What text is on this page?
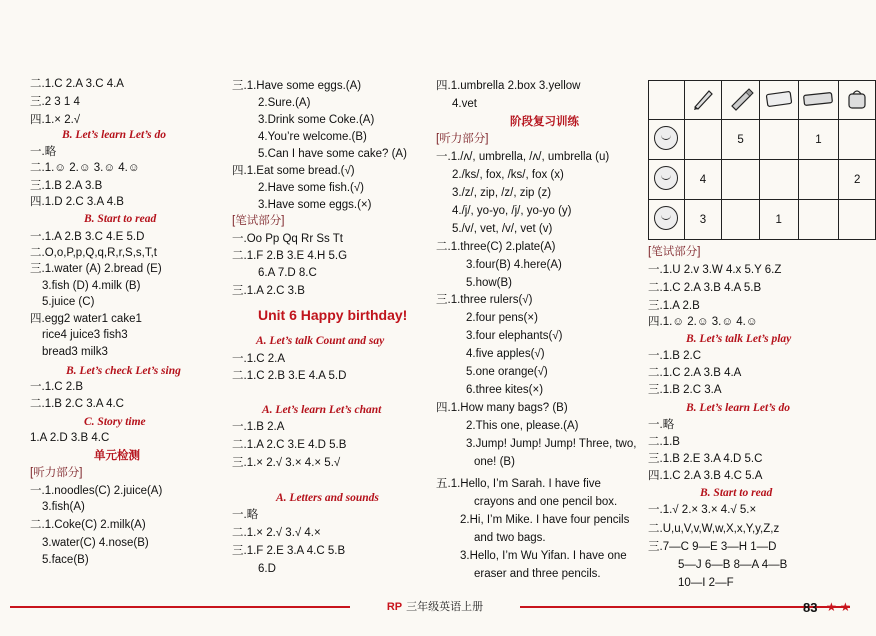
二.1.C 2.A 3.C 4.A
三.2 3 1 4
四.1.× 2.√
B. Let’s learn Let’s do
一.略
二.1.☺ 2.☺ 3.☺ 4.☺
三.1.B 2.A 3.B
四.1.D 2.C 3.A 4.B
B. Start to read
一.1.A 2.B 3.C 4.E 5.D
二.O,o,P,p,Q,q,R,r,S,s,T,t
三.1.water (A) 2.bread (E)
3.fish (D) 4.milk (B)
5.juice (C)
四.egg2 water1 cake1
rice4 juice3 fish3
bread3 milk3
B. Let’s check Let’s sing
一.1.C 2.B
二.1.B 2.C 3.A 4.C
C. Story time
1.A 2.D 3.B 4.C
单元检测
[听力部分]
一.1.noodles(C) 2.juice(A)
3.fish(A)
二.1.Coke(C) 2.milk(A)
3.water(C) 4.nose(B)
5.face(B)
三.1.Have some eggs.(A)
2.Sure.(A)
3.Drink some Coke.(A)
4.You’re welcome.(B)
5.Can I have some cake? (A)
四.1.Eat some bread.(√)
2.Have some fish.(√)
3.Have some eggs.(×)
[笔试部分]
一.Oo Pp Qq Rr Ss Tt
二.1.F 2.B 3.E 4.H 5.G
6.A 7.D 8.C
三.1.A 2.C 3.B
Unit 6 Happy birthday!
A. Let’s talk Count and say
一.1.C 2.A
二.1.C 2.B 3.E 4.A 5.D
A. Let’s learn Let’s chant
一.1.B 2.A
二.1.A 2.C 3.E 4.D 5.B
三.1.× 2.√ 3.× 4.× 5.√
A. Letters and sounds
一.略
二.1.× 2.√ 3.√ 4.×
三.1.F 2.E 3.A 4.C 5.B
6.D
四.1.umbrella 2.box 3.yellow
4.vet
阶段复习训练
[听力部分]
一.1./ʌ/, umbrella, /ʌ/, umbrella (u)
2./ks/, fox, /ks/, fox (x)
3./z/, zip, /z/, zip (z)
4./j/, yo-yo, /j/, yo-yo (y)
5./v/, vet, /v/, vet (v)
二.1.three(C) 2.plate(A)
3.four(B) 4.here(A)
5.how(B)
三.1.three rulers(√)
2.four pens(×)
3.four elephants(√)
4.five apples(√)
5.one orange(√)
6.three kites(×)
四.1.How many bags? (B)
2.This one, please.(A)
3.Jump! Jump! Jump! Three, two,
one! (B)
五.1.Hello, I’m Sarah. I have five
crayons and one pencil box.
2.Hi, I’m Mike. I have four pencils
and two bags.
3.Hello, I’m Wu Yifan. I have one
eraser and three pencils.

		5		1	
	4				2
	3		1		
[笔试部分]
一.1.U 2.v 3.W 4.x 5.Y 6.Z
二.1.C 2.A 3.B 4.A 5.B
三.1.A 2.B
四.1.☺ 2.☺ 3.☺ 4.☺
B. Let’s talk Let’s play
一.1.B 2.C
二.1.C 2.A 3.B 4.A
三.1.B 2.C 3.A
B. Let’s learn Let’s do
一.略
二.1.B
三.1.B 2.E 3.A 4.D 5.C
四.1.C 2.A 3.B 4.C 5.A
B. Start to read
一.1.√ 2.× 3.× 4.√ 5.×
二.U,u,V,v,W,w,X,x,Y,y,Z,z
三.7—C 9—E 3—H 1—D
5—J 6—B 8—A 4—B
10—I 2—F
RP 三年级英语上册	83 ★ ★
